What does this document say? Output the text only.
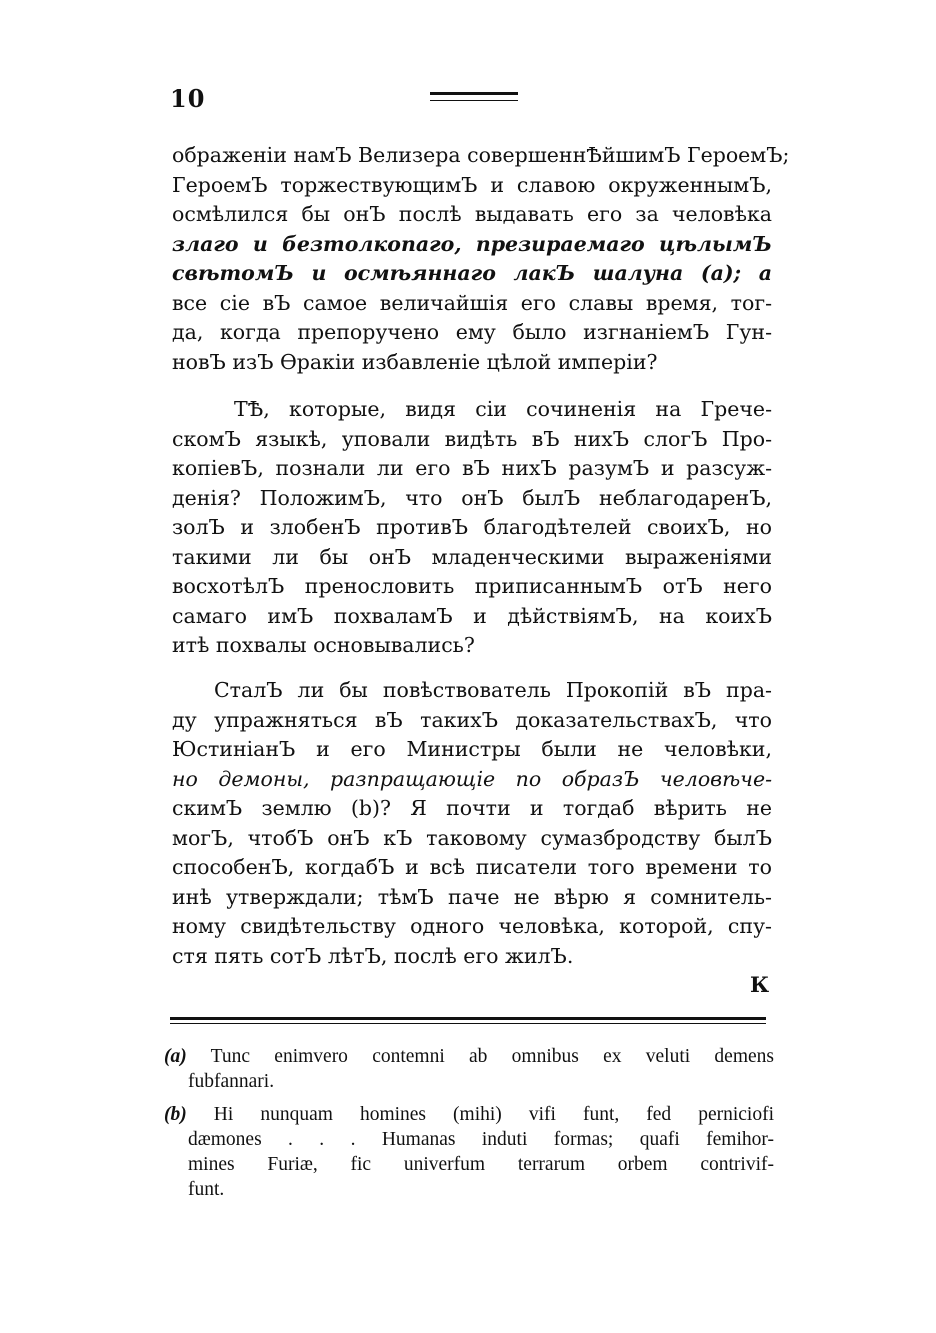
10
ображенiи намЪ Велизера совершеннѢйшимЪ ГероемЪ;
ГероемЪ торжествующимЪ и славою окруженнымЪ,
осмѣлился бы онЪ послѣ выдавать его за человѣка
злаго и безтолкопаго, презираемаго цѣлымЪ
свѣтомЪ и осмѣяннаго лакЪ шалуна (a); а
все сiе вЪ самое величайшiя его славы время, тог-
да, когда препоручено ему было изгнанiемЪ Гун-
новЪ изЪ Өракiи избавленiе цѣлой имперiи?
ТѢ, которые, видя сiи сочиненiя на Грече-
скомЪ языкѣ, уповали видѣть вЪ нихЪ слогЪ Про-
копiевЪ, познали ли его вЪ нихЪ разумЪ и разсуж-
денiя? ПоложимЪ, что онЪ былЪ неблагодаренЪ,
золЪ и злобенЪ противЪ благодѣтелей своихЪ, но
такими ли бы онЪ младенческими выраженiями
восхотѣлЪ пренословить приписаннымЪ отЪ него
самаго имЪ похваламЪ и дѣйствiямЪ, на коихЪ
итѣ похвалы основывались?
СталЪ ли бы повѣствователь Прокопiй вЪ пра-
ду упражняться вЪ такихЪ доказательствахЪ, что
ЮстинiанЪ и его Министры были не человѣки,
но демоны, разпращающiе по образЪ человѣче-
скимЪ землю (b)? Я почти и тогдаб вѣрить не
могЪ, чтобЪ онЪ кЪ таковому сумазбродству былЪ
способенЪ, когдабЪ и всѣ писатели того времени то
инѣ утверждали; тѣмЪ паче не вѣрю я сомнитель-
ному свидѣтельству одного человѣка, которой, спу-
стя пять сотЪ лѣтЪ, послѣ его жилЪ.
К
(a) Tunc enimvero contemni ab omnibus ex veluti demens
fubfannari.
(b) Hi nunquam homines (mihi) vifi funt, fed perniciofi
dæmones . . . Humanas induti formas; quafi femihor-
mines Furiæ, fic univerfum terrarum orbem contrivif-
funt.
